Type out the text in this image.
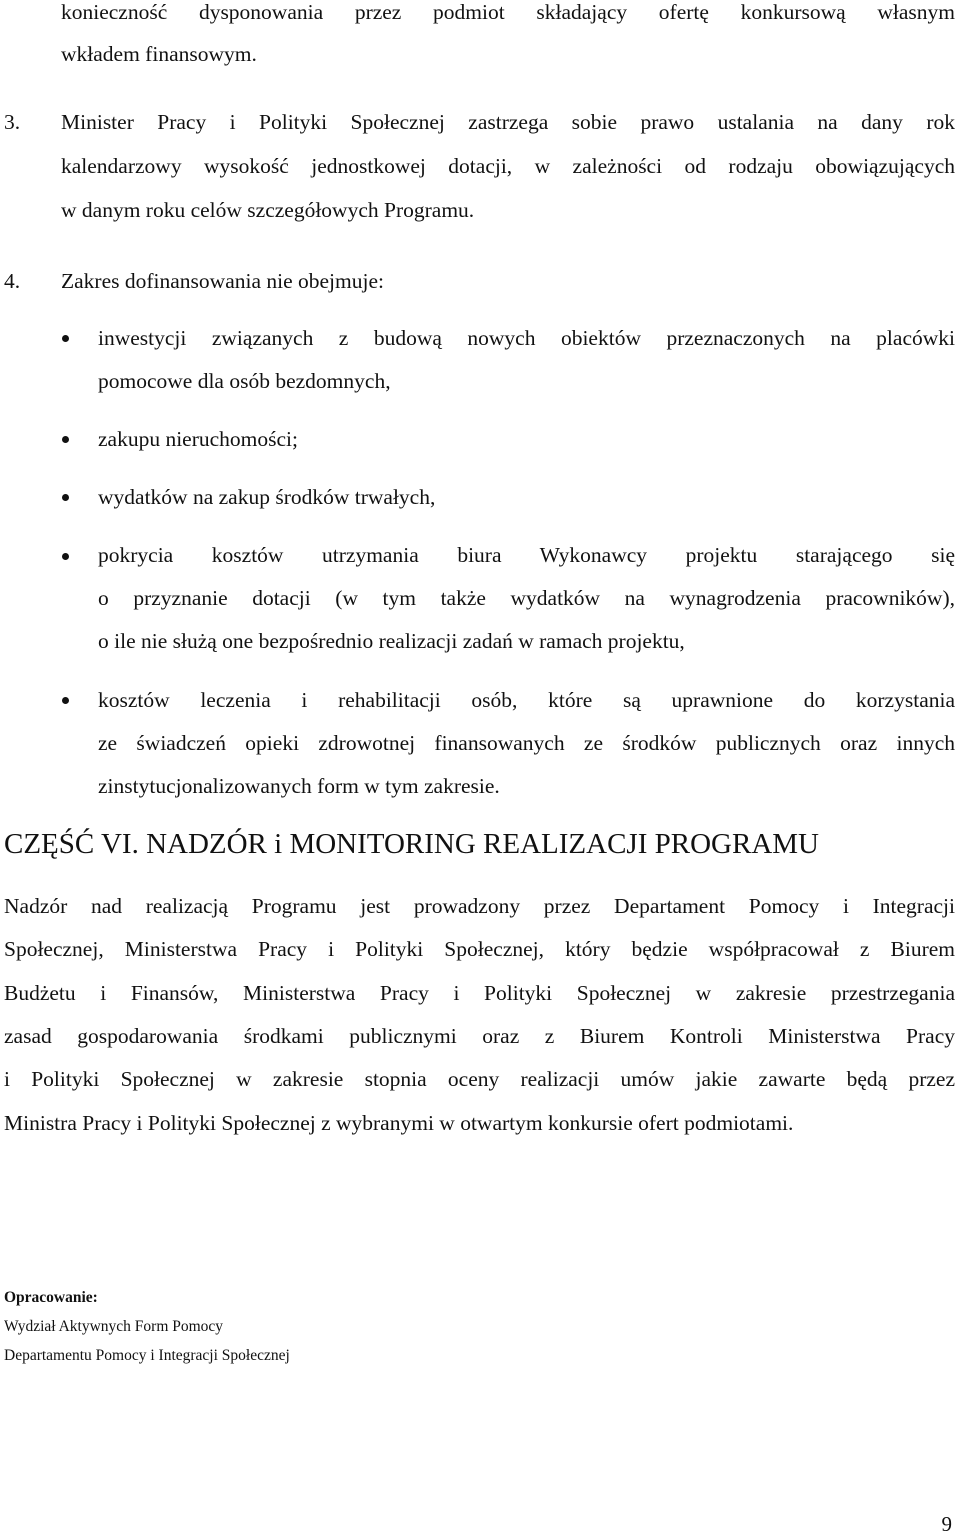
konieczność dysponowania przez podmiot składający ofertę konkursową własnym
wkładem finansowym.
3. Minister Pracy i Polityki Społecznej zastrzega sobie prawo ustalania na dany rok
kalendarzowy wysokość jednostkowej dotacji, w zależności od rodzaju obowiązujących
w danym roku celów szczegółowych Programu.
4. Zakres dofinansowania nie obejmuje:
inwestycji związanych z budową nowych obiektów przeznaczonych na placówki
pomocowe dla osób bezdomnych,
zakupu nieruchomości;
wydatków na zakup środków trwałych,
pokrycia kosztów utrzymania biura Wykonawcy projektu starającego się
o przyznanie dotacji (w tym także wydatków na wynagrodzenia pracowników),
o ile nie służą one bezpośrednio realizacji zadań w ramach projektu,
kosztów leczenia i rehabilitacji osób, które są uprawnione do korzystania
ze świadczeń opieki zdrowotnej finansowanych ze środków publicznych oraz innych
zinstytucjonalizowanych form w tym zakresie.
CZĘŚĆ VI. NADZÓR i MONITORING REALIZACJI PROGRAMU
Nadzór nad realizacją Programu jest prowadzony przez Departament Pomocy i Integracji
Społecznej, Ministerstwa Pracy i Polityki Społecznej, który będzie współpracował z Biurem
Budżetu i Finansów, Ministerstwa Pracy i Polityki Społecznej w zakresie przestrzegania
zasad gospodarowania środkami publicznymi oraz z Biurem Kontroli Ministerstwa Pracy
i Polityki Społecznej w zakresie stopnia oceny realizacji umów jakie zawarte będą przez
Ministra Pracy i Polityki Społecznej z wybranymi w otwartym konkursie ofert podmiotami.
Opracowanie:
Wydział Aktywnych Form Pomocy
Departamentu Pomocy i Integracji Społecznej
9
